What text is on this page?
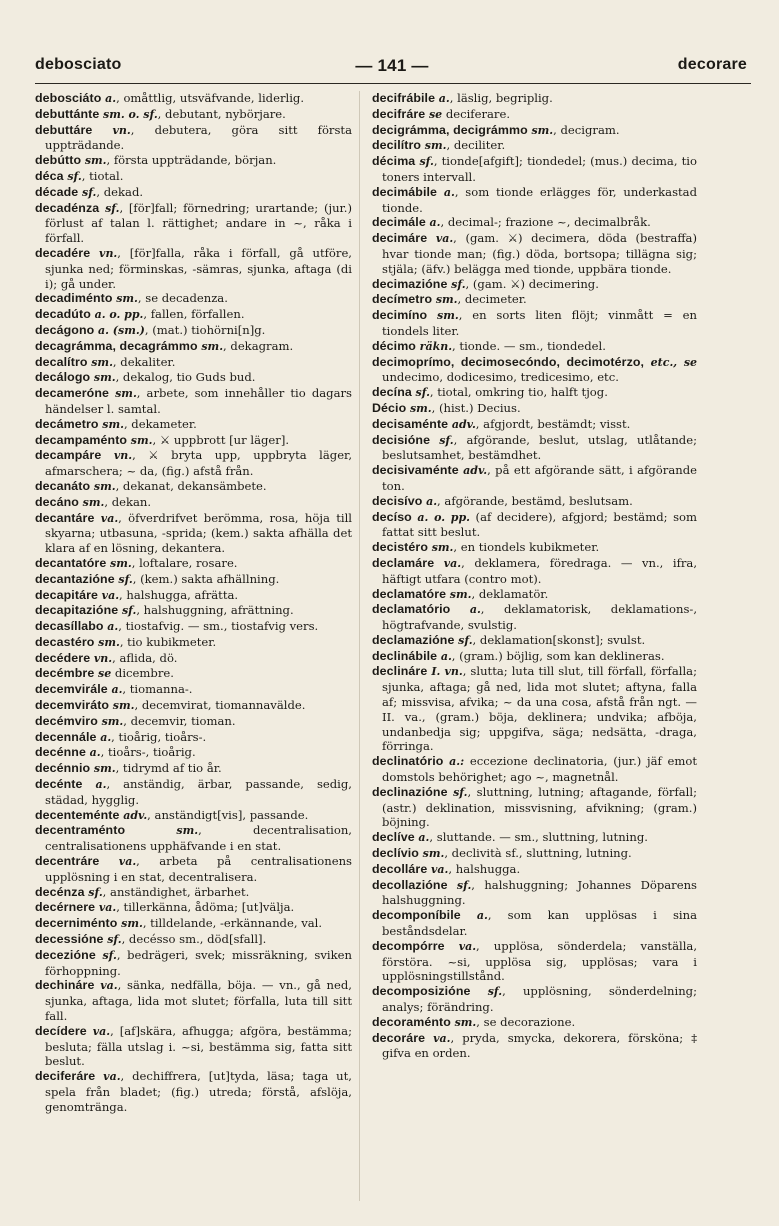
debosciato	— 141 —	decorare
debosciáto a., omåttlig, utsväfvande, liderlig.
debuttánte sm. o. sf., debutant, nybörjare.
debuttáre vn., debutera, göra sitt första uppträdande.
debútto sm., första uppträdande, början.
déca sf., tiotal.
décade sf., dekad.
decadénza sf., [för]fall; förnedring; urartande; (jur.) förlust af talan l. rättighet; andare in ~, råka i förfall.
decadére vn., [för]falla, råka i förfall, gå utföre, sjunka ned; förminskas, -sämras, sjunka, aftaga (di i); gå under.
decadiménto sm., se decadenza.
decadúto a. o. pp., fallen, förfallen.
decágono a. (sm.), (mat.) tiohörni[n]g.
decagrámma, decagrámmo sm., dekagram.
decalítro sm., dekaliter.
decálogo sm., dekalog, tio Guds bud.
decameróne sm., arbete, som innehåller tio dagars händelser l. samtal.
decámetro sm., dekameter.
decampaménto sm., ⚔ uppbrott [ur läger].
decampáre vn., ⚔ bryta upp, uppbryta läger, afmarschera; ~ da, (fig.) afstå från.
decanáto sm., dekanat, dekansämbete.
decáno sm., dekan.
decantáre va., öfverdrifvet berömma, rosa, höja till skyarna; utbasuna, -sprida; (kem.) sakta afhälla det klara af en lösning, dekantera.
decantatóre sm., loftalare, rosare.
decantazióne sf., (kem.) sakta afhällning.
decapitáre va., halshugga, afrätta.
decapitazióne sf., halshuggning, afrättning.
decasíllabo a., tiostafvig. — sm., tiostafvig vers.
decastéro sm., tio kubikmeter.
decédere vn., aflida, dö.
decémbre se dicembre.
decemvirále a., tiomanna-.
decemviráto sm., decemvirat, tiomannavälde.
decémviro sm., decemvir, tioman.
decennále a., tioårig, tioårs-.
decénne a., tioårs-, tioårig.
decénnio sm., tidrymd af tio år.
decénte a., anständig, ärbar, passande, sedig, städad, hygglig.
decenteménte adv., anständigt[vis], passande.
decentraménto	sm., decentralisation, centralisationens upphäfvande i en stat.
decentráre va., arbeta på centralisationens upplösning i en stat, decentralisera.
decénza sf., anständighet, ärbarhet.
decérnere va., tillerkänna, ådöma; [ut]välja.
decerniménto sm., tilldelande, -erkännande, val.
decessióne sf., decésso sm., död[sfall].
decezióne sf., bedrägeri, svek; missräkning, sviken förhoppning.
dechináre va., sänka, nedfälla, böja. — vn., gå ned, sjunka, aftaga, lida mot slutet; förfalla, luta till sitt fall.
decídere va., [af]skära, afhugga; afgöra, bestämma; besluta; fälla utslag i. ~si, bestämma sig, fatta sitt beslut.
deciferáre va., dechiffrera, [ut]tyda, läsa; taga ut, spela från bladet; (fig.) utreda; förstå, afslöja, genomtränga.
decifrábile a., läslig, begriplig.
decifráre se deciferare.
decigrámma, decigrámmo sm., decigram.
decilítro sm., deciliter.
décima sf., tionde[afgift]; tiondedel; (mus.) decima, tio toners intervall.
decimábile a., som tionde erlägges för, underkastad tionde.
decimále a., decimal-; frazione ~, decimalbråk.
decimáre va., (gam. ⚔) decimera, döda (bestraffa) hvar tionde man; (fig.) döda, bortsopa; tillägna sig; stjäla; (äfv.) belägga med tionde, uppbära tionde.
decimazióne sf., (gam. ⚔) decimering.
decímetro sm., decimeter.
decimíno sm., en sorts liten flöjt; vinmått = en tiondels liter.
décimo räkn., tionde. — sm., tiondedel.
decimoprímo, decimosecóndo, decimotérzo, etc., se undecimo, dodicesimo, tredicesimo, etc.
decína sf., tiotal, omkring tio, halft tjog.
Décio sm., (hist.) Decius.
decisaménte adv., afgjordt, bestämdt; visst.
decisióne sf., afgörande, beslut, utslag, utlåtande; beslutsamhet, bestämdhet.
decisivaménte adv., på ett afgörande sätt, i afgörande ton.
decisívo a., afgörande, bestämd, beslutsam.
decíso a. o. pp. (af decidere), afgjord; bestämd; som fattat sitt beslut.
decistéro sm., en tiondels kubikmeter.
declamáre va., deklamera, föredraga. — vn., ifra, häftigt utfara (contro mot).
declamatóre sm., deklamatör.
declamatório a., deklamatorisk, deklamations-, högtrafvande, svulstig.
declamazióne sf., deklamation[skonst]; svulst.
declinábile a., (gram.) böjlig, som kan deklineras.
declináre I. vn., slutta; luta till slut, till förfall, förfalla; sjunka, aftaga; gå ned, lida mot slutet; aftyna, falla af; missvisa, afvika; ~ da una cosa, afstå från ngt. — II. va., (gram.) böja, deklinera; undvika; afböja, undanbedja sig; uppgifva, säga; nedsätta, -draga, förringa.
declinatório a.: eccezione declinatoria, (jur.) jäf emot domstols behörighet; ago ~, magnetnål.
declinazióne sf., sluttning, lutning; aftagande, förfall; (astr.) deklination, missvisning, afvikning; (gram.) böjning.
declíve a., sluttande. — sm., sluttning, lutning.
declívio sm., declività sf., sluttning, lutning.
decolláre va., halshugga.
decollazióne sf., halshuggning; Johannes Döparens halshuggning.
decomponíbile a., som kan upplösas i sina beståndsdelar.
decompórre va., upplösa, sönderdela; vanställa, förstöra. ~si, upplösa sig, upplösas; vara i upplösningstillstånd.
decomposizióne sf., upplösning, sönderdelning; analys; förändring.
decoraménto sm., se decorazione.
decoráre va., pryda, smycka, dekorera, försköna; ‡ gifva en orden.
